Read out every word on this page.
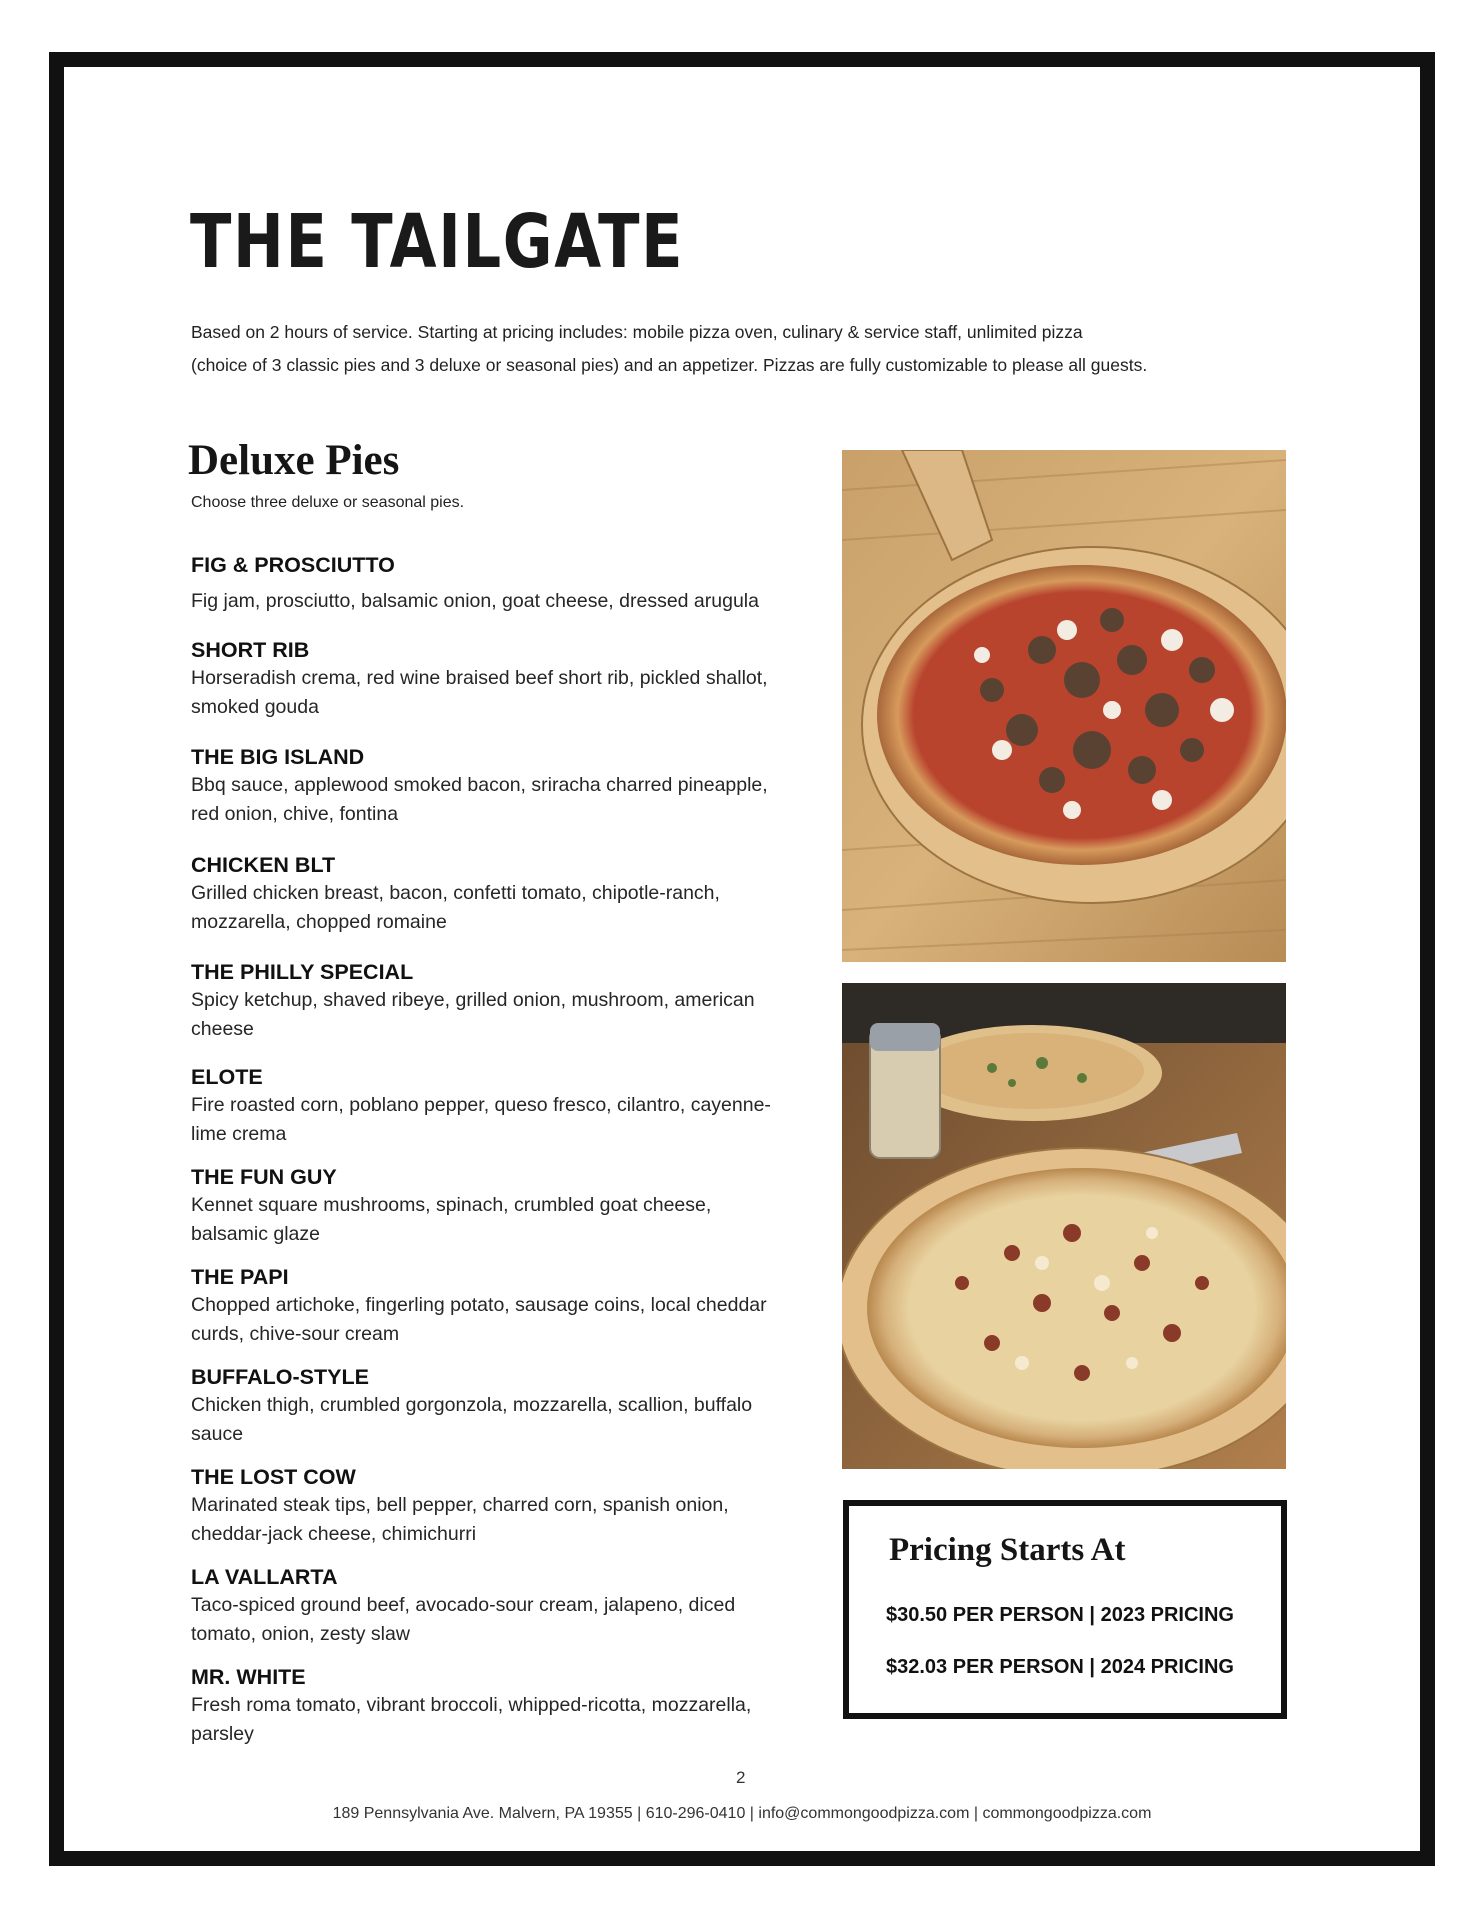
THE TAILGATE

Based on 2 hours of service. Starting at pricing includes: mobile pizza oven, culinary & service staff, unlimited pizza

(choice of 3 classic pies and 3 deluxe or seasonal pies) and an appetizer. Pizzas are fully customizable to please all guests.

Deluxe Pies
Choose three deluxe or seasonal pies.

FIG & PROSCIUTTO

Fig jam, prosciutto, balsamic onion, goat cheese, dressed arugula

SHORT RIB

Horseradish crema, red wine braised beef short rib, pickled shallot,

smoked gouda

THE BIG ISLAND

Bbq sauce, applewood smoked bacon, sriracha charred pineapple,

red onion, chive, fontina

CHICKEN BLT

Grilled chicken breast, bacon, confetti tomato, chipotle-ranch,

mozzarella, chopped romaine

THE PHILLY SPECIAL

Spicy ketchup, shaved ribeye, grilled onion, mushroom, american

cheese

ELOTE

Fire roasted corn, poblano pepper, queso fresco, cilantro, cayenne-

lime crema

THE FUN GUY

Kennet square mushrooms, spinach, crumbled goat cheese,

balsamic glaze

THE PAPI

Chopped artichoke, fingerling potato, sausage coins, local cheddar

curds, chive-sour cream

BUFFALO-STYLE

Chicken thigh, crumbled gorgonzola, mozzarella, scallion, buffalo

sauce

THE LOST COW

Marinated steak tips, bell pepper, charred corn, spanish onion,

cheddar-jack cheese, chimichurri

LA VALLARTA

Taco-spiced ground beef, avocado-sour cream, jalapeno, diced

tomato, onion, zesty slaw

MR. WHITE

Fresh roma tomato, vibrant broccoli, whipped-ricotta, mozzarella,

parsley

Pricing Starts At
$30.50 PER PERSON | 2023 PRICING
$32.03 PER PERSON | 2024 PRICING
2
189 Pennsylvania Ave. Malvern, PA 19355 | 610-296-0410 | info@commongoodpizza.com | commongoodpizza.com
